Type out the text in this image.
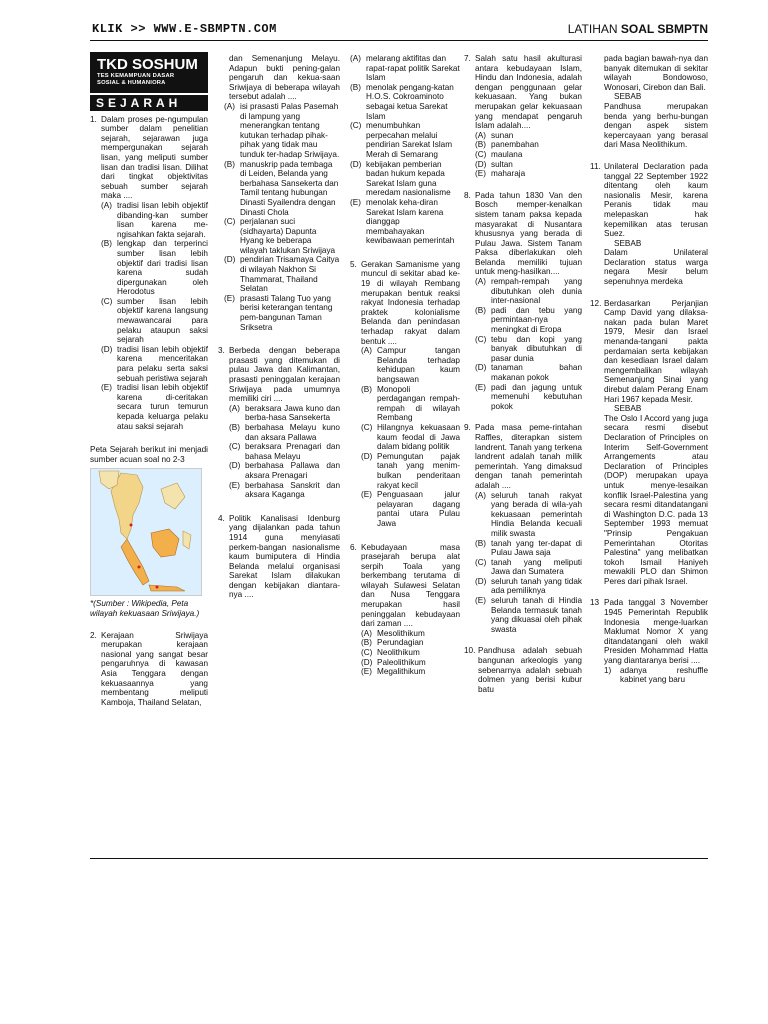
KLIK >> WWW.E-SBMPTN.COM	LATIHAN SOAL SBMPTN
TKD SOSHUM
TES KEMAMPUAN DASAR
SOSIAL & HUMANIORA
SEJARAH
1. Dalam proses pe-ngumpulan sumber dalam penelitian sejarah, sejarawan juga mempergunakan sejarah lisan, yang meliputi sumber lisan dan tradisi lisan. Dilihat dari tingkat objektivitas sebuah sumber sejarah maka ....
(A) tradisi lisan lebih objektif dibanding-kan sumber lisan karena me-ngisahkan fakta sejarah.
(B) lengkap dan terperinci sumber lisan lebih objektif dari tradisi lisan karena sudah dipergunakan oleh Herodotus
(C) sumber lisan lebih objektif karena langsung mewawancarai para pelaku ataupun saksi sejarah
(D) tradisi lisan lebih objektif karena menceritakan para pelaku serta saksi sebuah peristiwa sejarah
(E) tradisi lisan lebih objektif karena di-ceritakan secara turun temurun kepada keluarga pelaku atau saksi sejarah
Peta Sejarah berikut ini menjadi sumber acuan soal no 2-3
*(Sumber : Wikipedia, Peta wilayah kekuasaan Sriwijaya.)
2. Kerajaan Sriwijaya merupakan kerajaan nasional yang sangat besar pengaruhnya di kawasan Asia Tenggara dengan kekuasaannya yang membentang meliputi Kamboja, Thailand Selatan,
dan Semenanjung Melayu. Adapun bukti pening-galan pengaruh dan kekua-saan Sriwijaya di beberapa wilayah tersebut adalah ....
(A) isi prasasti Palas Pasemah di lampung yang menerangkan tentang kutukan terhadap pihak-pihak yang tidak mau tunduk ter-hadap Sriwijaya.
(B) manuskrip pada tembaga di Leiden, Belanda yang berbahasa Sansekerta dan Tamil tentang hubungan Dinasti Syailendra dengan Dinasti Chola
(C) perjalanan suci (sidhayarta) Dapunta Hyang ke beberapa wilayah taklukan Sriwijaya
(D) pendirian Trisamaya Caitya di wilayah Nakhon Si Thammarat, Thailand Selatan
(E) prasasti Talang Tuo yang berisi keterangan tentang pem-bangunan Taman Sriksetra
3. Berbeda dengan beberapa prasasti yang ditemukan di pulau Jawa dan Kalimantan, prasasti peninggalan kerajaan Sriwijaya pada umumnya memiliki ciri ....
(A) beraksara Jawa kuno dan berba-hasa Sansekerta
(B) berbahasa Melayu kuno dan aksara Pallawa
(C) beraksara Prenagari dan bahasa Melayu
(D) berbahasa Pallawa dan aksara Prenagari
(E) berbahasa Sanskrit dan aksara Kaganga
4. Politik Kanalisasi Idenburg yang dijalankan pada tahun 1914 guna menyiasati perkem-bangan nasionalisme kaum bumiputera di Hindia Belanda melalui organisasi Sarekat Islam dilakukan dengan kebijakan diantara-nya ....
(A) melarang aktifitas dan rapat-rapat politik Sarekat Islam
(B) menolak pengang-katan H.O.S. Cokroaminoto sebagai ketua Sarekat Islam
(C) menumbuhkan perpecahan melalui pendirian Sarekat Islam Merah di Semarang
(D) kebijakan pemberian badan hukum kepada Sarekat Islam guna meredam nasionalisme
(E) menolak keha-diran Sarekat Islam karena dianggap membahayakan kewibawaan pemerintah
5. Gerakan Samanisme yang muncul di sekitar abad ke-19 di wilayah Rembang merupakan bentuk reaksi rakyat Indonesia terhadap praktek kolonialisme Belanda dan penindasan terhadap rakyat dalam bentuk ....
(A) Campur tangan Belanda terhadap kehidupan kaum bangsawan
(B) Monopoli perdagangan rempah-rempah di wilayah Rembang
(C) Hilangnya kekuasaan kaum feodal di Jawa dalam bidang politik
(D) Pemungutan pajak tanah yang menim-bulkan penderitaan rakyat kecil
(E) Penguasaan jalur pelayaran dagang pantai utara Pulau Jawa
6. Kebudayaan masa prasejarah berupa alat serpih Toala yang berkembang terutama di wilayah Sulawesi Selatan dan Nusa Tenggara merupakan hasil peninggalan kebudayaan dari zaman ....
(A) Mesolithikum
(B) Perundagian
(C) Neolithikum
(D) Paleolithikum
(E) Megalithikum
7. Salah satu hasil akulturasi antara kebudayaan Islam, Hindu dan Indonesia, adalah dengan penggunaan gelar kekuasaan. Yang bukan merupakan gelar kekuasaan yang mendapat pengaruh Islam adalah....
(A) sunan
(B) panembahan
(C) maulana
(D) sultan
(E) maharaja
8. Pada tahun 1830 Van den Bosch memper-kenalkan sistem tanam paksa kepada masyarakat di Nusantara khususnya yang berada di Pulau Jawa. Sistem Tanam Paksa diberlakukan oleh Belanda memiliki tujuan untuk meng-hasilkan....
(A) rempah-rempah yang dibutuhkan oleh dunia inter-nasional
(B) padi dan tebu yang permintaan-nya meningkat di Eropa
(C) tebu dan kopi yang banyak dibutuhkan di pasar dunia
(D) tanaman bahan makanan pokok
(E) padi dan jagung untuk memenuhi kebutuhan pokok
9. Pada masa peme-rintahan Raffles, diterapkan sistem landrent. Tanah yang terkena landrent adalah tanah milik pemerintah. Yang dimaksud dengan tanah pemerintah adalah ....
(A) seluruh tanah rakyat yang berada di wila-yah kekuasaan pemerintah Hindia Belanda kecuali milik swasta
(B) tanah yang ter-dapat di Pulau Jawa saja
(C) tanah yang meliputi Jawa dan Sumatera
(D) seluruh tanah yang tidak ada pemiliknya
(E) seluruh tanah di Hindia Belanda termasuk tanah yang dikuasai oleh pihak swasta
10. Pandhusa adalah sebuah bangunan arkeologis yang sebenarnya adalah sebuah dolmen yang berisi kubur batu
pada bagian bawah-nya dan banyak ditemukan di sekitar wilayah Bondowoso, Wonosari, Cirebon dan Bali.
SEBAB
Pandhusa merupakan benda yang berhu-bungan dengan aspek sistem kepercayaan yang berasal dari Masa Neolithikum.
11. Unilateral Declaration pada tanggal 22 September 1922 ditentang oleh kaum nasionalis Mesir, karena Peranis tidak mau melepaskan hak kepemilikan atas terusan Suez.
SEBAB
Dalam Unilateral Declaration status warga negara Mesir belum sepenuhnya merdeka
12. Berdasarkan Perjanjian Camp David yang dilaksa-nakan pada bulan Maret 1979, Mesir dan Israel menanda-tangani pakta perdamaian serta kebijakan dan kesediaan Israel dalam mengembalikan wilayah Semenanjung Sinai yang direbut dalam Perang Enam Hari 1967 kepada Mesir.
SEBAB
The Oslo I Accord yang juga secara resmi disebut Declaration of Principles on Interim Self-Government Arrangements atau Declaration of Principles (DOP) merupakan upaya untuk menye-lesaikan konflik Israel-Palestina yang secara resmi ditandatangani di Washington D.C. pada 13 September 1993 memuat "Prinsip Pengakuan Pemerintahan Otoritas Palestina" yang melibatkan tokoh Ismail Haniyeh mewakili PLO dan Shimon Peres dari pihak Israel.
13 Pada tanggal 3 November 1945 Pemerintah Republik Indonesia menge-luarkan Maklumat Nomor X yang ditandatangani oleh wakil Presiden Mohammad Hatta yang diantaranya berisi ....
1) adanya reshuffle kabinet yang baru
